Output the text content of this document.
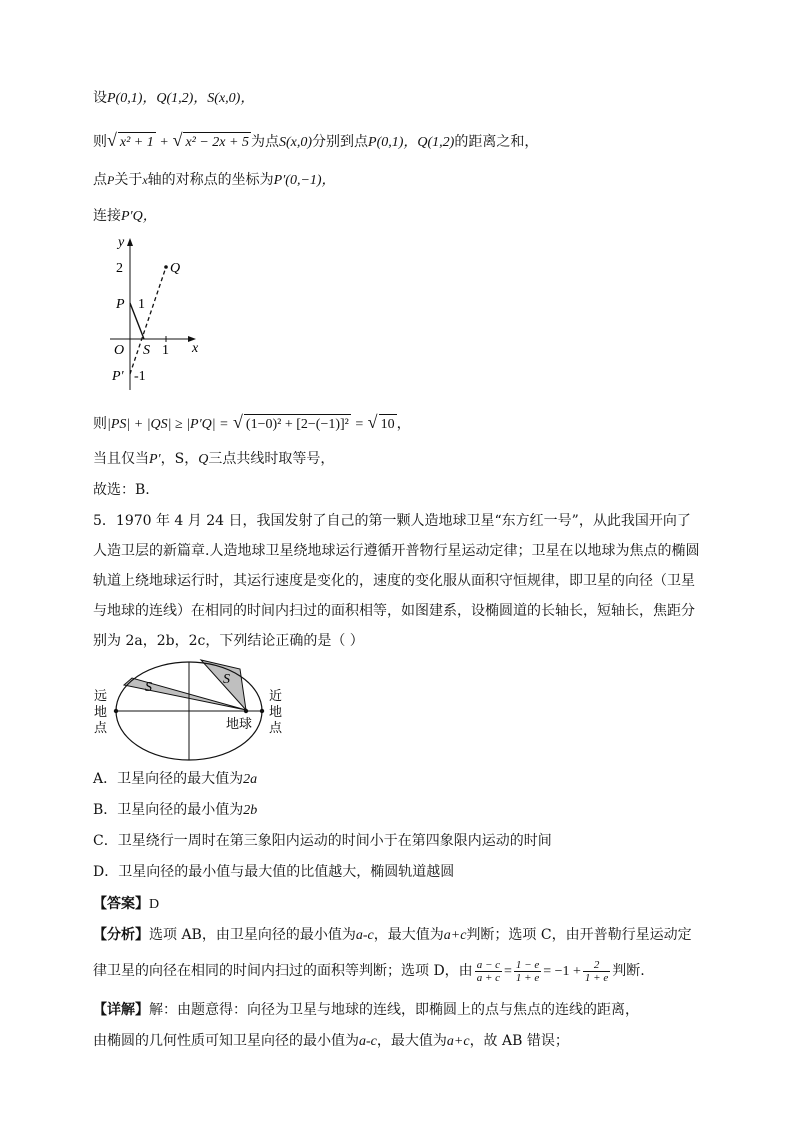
设P(0,1)，Q(1,2)，S(x,0)，
则√ x² + 1 + √ x² − 2x + 5 为点S(x,0)分别到点P(0,1)，Q(1,2)的距离之和，
点P关于x轴的对称点的坐标为P′(0,−1)，
连接P′Q，
y
x
2	Q
P 1
O S 1
P′ -1
则|PS| + |QS| ≥ |P′Q| = √ (1−0)² + [2−(−1)]² = √ 10 ，
当且仅当P′，S，Q三点共线时取等号，
故选：B.
5．1970 年 4 月 24 日，我国发射了自己的第一颗人造地球卫星“东方红一号”，从此我国开向了人造卫层的新篇章.人造地球卫星绕地球运行遵循开普物行星运动定律；卫星在以地球为焦点的椭圆轨道上绕地球运行时，其运行速度是变化的，速度的变化服从面积守恒规律，即卫星的向径（卫星与地球的连线）在相同的时间内扫过的面积相等，如图建系，设椭圆道的长轴长，短轴长，焦距分别为 2a，2b，2c，下列结论正确的是（ ）
S
S
远
地
点
近
地
点
地球
A．卫星向径的最大值为2a
B．卫星向径的最小值为2b
C．卫星绕行一周时在第三象阳内运动的时间小于在第四象限内运动的时间
D．卫星向径的最小值与最大值的比值越大，椭圆轨道越圆
【答案】D
【分析】选项 AB，由卫星向径的最小值为a-c，最大值为a+c判断；选项 C，由开普勒行星运动定
律卫星的向径在相同的时间内扫过的面积等判断；选项 D，由 $\frac{a - c}{a + c} = \frac{1 - e}{1 + e} = -1 + \frac{2}{1 + e}$ 判断.
【详解】解：由题意得：向径为卫星与地球的连线，即椭圆上的点与焦点的连线的距离，
由椭圆的几何性质可知卫星向径的最小值为a-c，最大值为a+c，故 AB 错误；
